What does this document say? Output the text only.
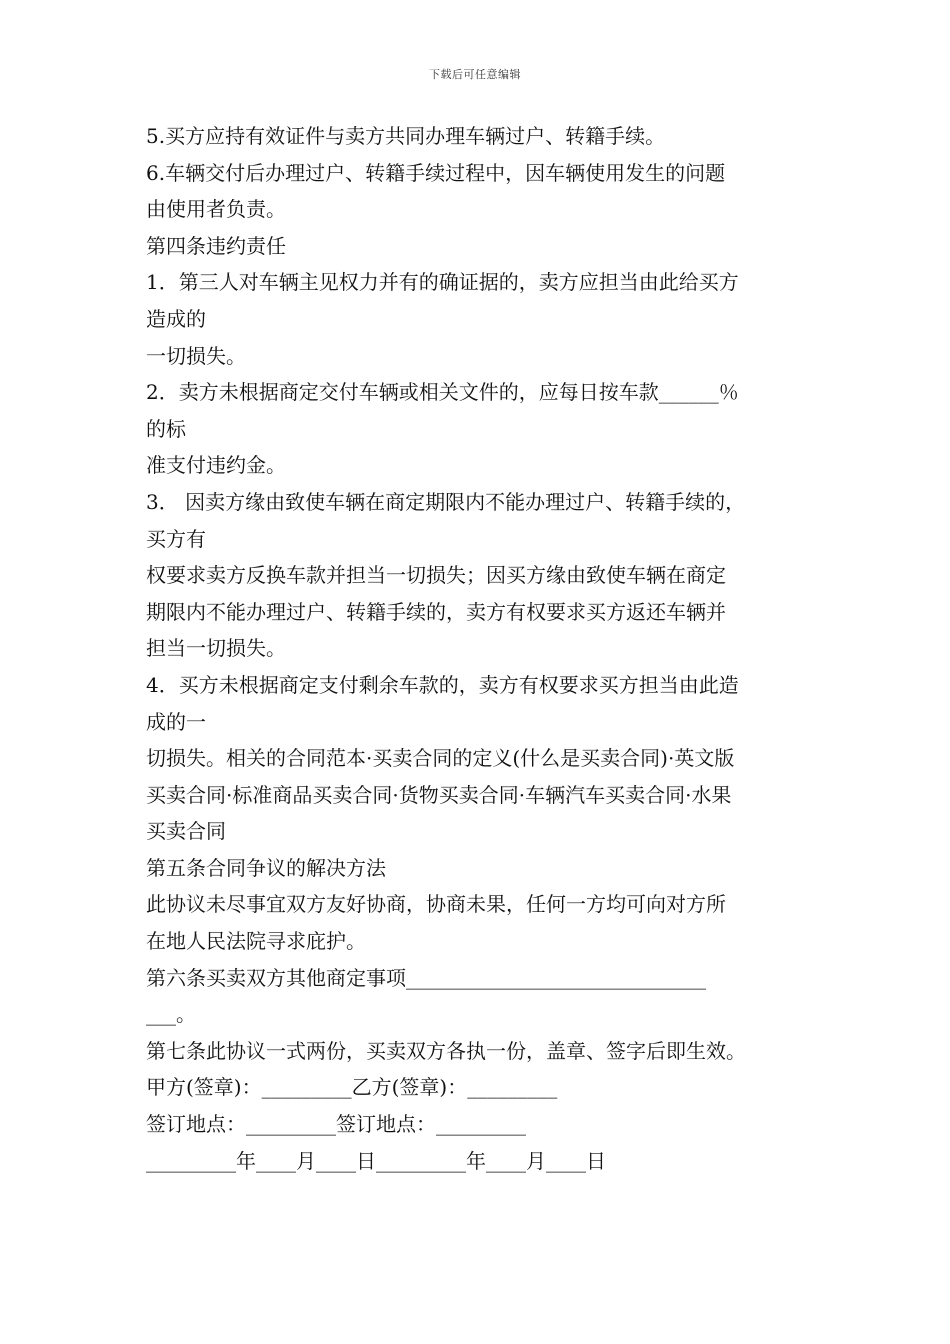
下载后可任意编辑
5.买方应持有效证件与卖方共同办理车辆过户、转籍手续。
6.车辆交付后办理过户、转籍手续过程中，因车辆使用发生的问题
由使用者负责。
第四条违约责任
1．第三人对车辆主见权力并有的确证据的，卖方应担当由此给买方
造成的
一切损失。
2．卖方未根据商定交付车辆或相关文件的，应每日按车款______％
的标
准支付违约金。
3． 因卖方缘由致使车辆在商定期限内不能办理过户、转籍手续的，
买方有
权要求卖方反换车款并担当一切损失；因买方缘由致使车辆在商定
期限内不能办理过户、转籍手续的，卖方有权要求买方返还车辆并
担当一切损失。
4．买方未根据商定支付剩余车款的，卖方有权要求买方担当由此造
成的一
切损失。相关的合同范本·买卖合同的定义(什么是买卖合同)·英文版
买卖合同·标准商品买卖合同·货物买卖合同·车辆汽车买卖合同·水果
买卖合同
第五条合同争议的解决方法
此协议未尽事宜双方友好协商，协商未果，任何一方均可向对方所
在地人民法院寻求庇护。
第六条买卖双方其他商定事项______________________________
___。
第七条此协议一式两份，买卖双方各执一份，盖章、签字后即生效。
甲方(签章)：_________乙方(签章)：_________
签订地点：_________签订地点：_________
_________年____月____日_________年____月____日
